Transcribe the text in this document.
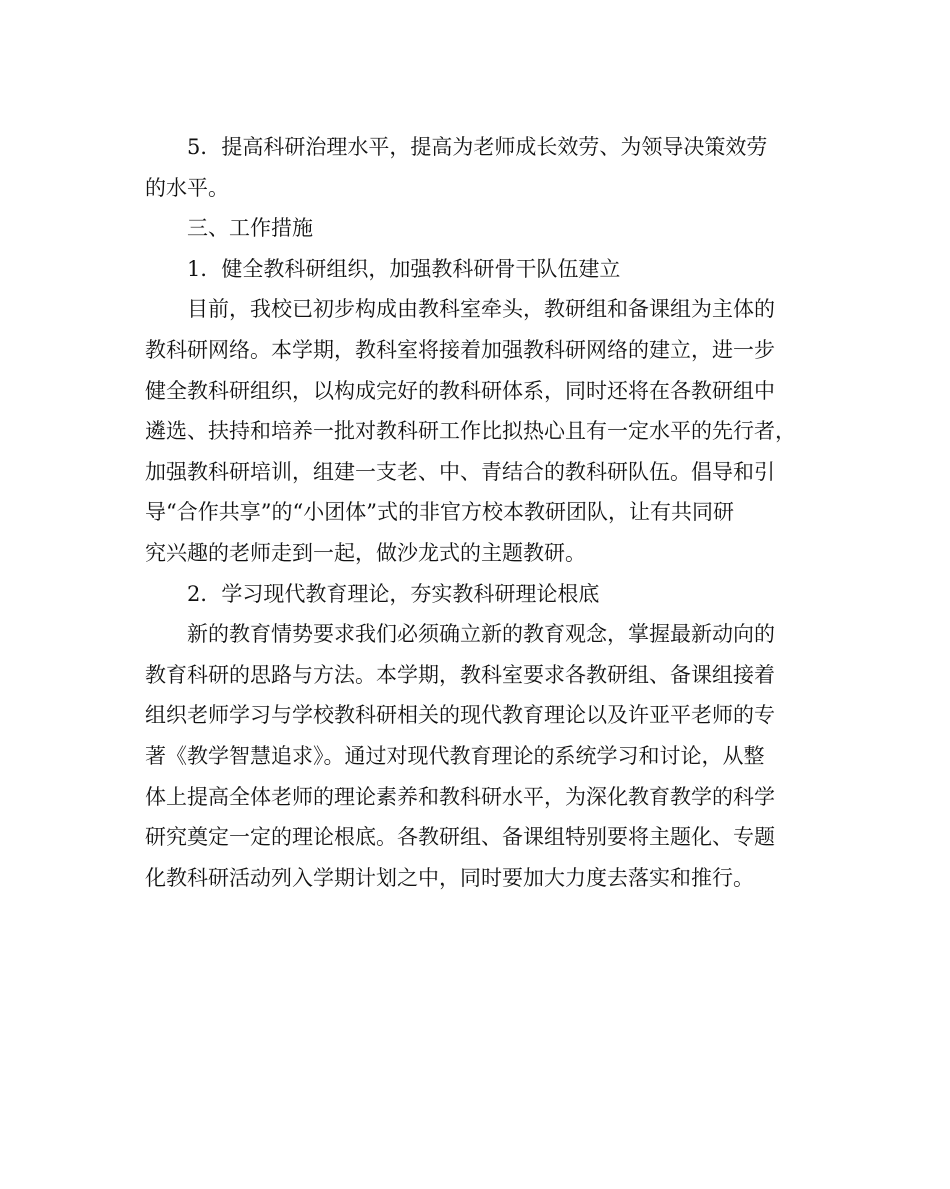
　　5．提高科研治理水平，提高为老师成长效劳、为领导决策效劳
的水平。

　　三、工作措施

　　1．健全教科研组织，加强教科研骨干队伍建立

　　目前，我校已初步构成由教科室牵头，教研组和备课组为主体的
教科研网络。本学期，教科室将接着加强教科研网络的建立，进一步
健全教科研组织，以构成完好的教科研体系，同时还将在各教研组中
遴选、扶持和培养一批对教科研工作比拟热心且有一定水平的先行者，
加强教科研培训，组建一支老、中、青结合的教科研队伍。倡导和引
导“合作共享”的“小团体”式的非官方校本教研团队，让有共同研
究兴趣的老师走到一起，做沙龙式的主题教研。

　　2．学习现代教育理论，夯实教科研理论根底

　　新的教育情势要求我们必须确立新的教育观念，掌握最新动向的
教育科研的思路与方法。本学期，教科室要求各教研组、备课组接着
组织老师学习与学校教科研相关的现代教育理论以及许亚平老师的专
著《教学智慧追求》。通过对现代教育理论的系统学习和讨论，从整
体上提高全体老师的理论素养和教科研水平，为深化教育教学的科学
研究奠定一定的理论根底。各教研组、备课组特别要将主题化、专题
化教科研活动列入学期计划之中，同时要加大力度去落实和推行。
